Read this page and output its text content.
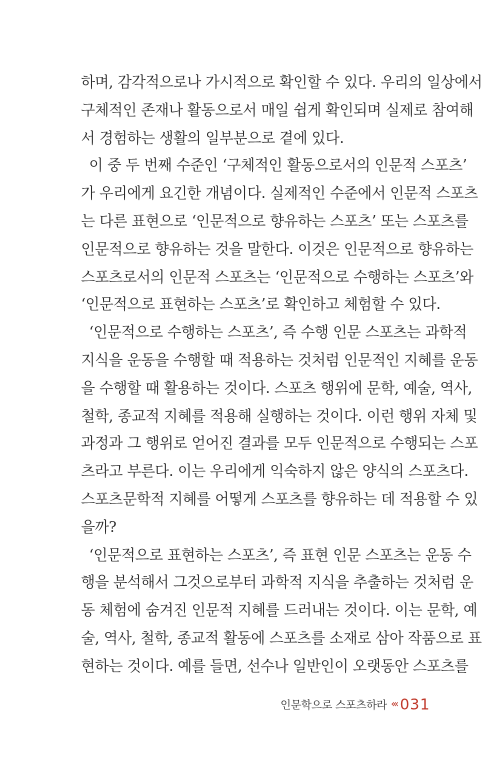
하며, 감각적으로나 가시적으로 확인할 수 있다. 우리의 일상에서
구체적인 존재나 활동으로서 매일 쉽게 확인되며 실제로 참여해
서 경험하는 생활의 일부분으로 곁에 있다.
이 중 두 번째 수준인 ‘구체적인 활동으로서의 인문적 스포츠’
가 우리에게 요긴한 개념이다. 실제적인 수준에서 인문적 스포츠
는 다른 표현으로 ‘인문적으로 향유하는 스포츠’ 또는 스포츠를
인문적으로 향유하는 것을 말한다. 이것은 인문적으로 향유하는
스포츠로서의 인문적 스포츠는 ‘인문적으로 수행하는 스포츠’와
‘인문적으로 표현하는 스포츠’로 확인하고 체험할 수 있다.
‘인문적으로 수행하는 스포츠’, 즉 수행 인문 스포츠는 과학적
지식을 운동을 수행할 때 적용하는 것처럼 인문적인 지혜를 운동
을 수행할 때 활용하는 것이다. 스포츠 행위에 문학, 예술, 역사,
철학, 종교적 지혜를 적용해 실행하는 것이다. 이런 행위 자체 및
과정과 그 행위로 얻어진 결과를 모두 인문적으로 수행되는 스포
츠라고 부른다. 이는 우리에게 익숙하지 않은 양식의 스포츠다.
스포츠문학적 지혜를 어떻게 스포츠를 향유하는 데 적용할 수 있
을까?
‘인문적으로 표현하는 스포츠’, 즉 표현 인문 스포츠는 운동 수
행을 분석해서 그것으로부터 과학적 지식을 추출하는 것처럼 운
동 체험에 숨겨진 인문적 지혜를 드러내는 것이다. 이는 문학, 예
술, 역사, 철학, 종교적 활동에 스포츠를 소재로 삼아 작품으로 표
현하는 것이다. 예를 들면, 선수나 일반인이 오랫동안 스포츠를
인문학으로 스포츠하라 ‹‹‹ 031
